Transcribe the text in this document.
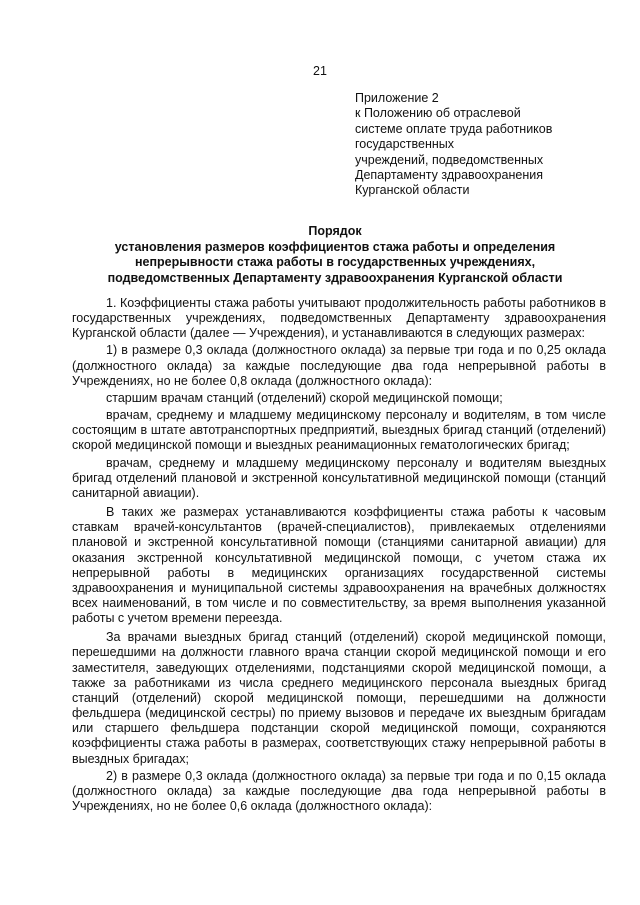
21
Приложение 2
к Положению об отраслевой
системе оплате труда работников
государственных
учреждений, подведомственных
Департаменту здравоохранения
Курганской области
Порядок
установления размеров коэффициентов стажа работы и определения
непрерывности стажа работы в государственных учреждениях,
подведомственных Департаменту здравоохранения Курганской области

1. Коэффициенты стажа работы учитывают продолжительность работы работников в государственных учреждениях, подведомственных Департаменту здравоохранения Курганской области (далее — Учреждения), и устанавливаются в следующих размерах:

1) в размере 0,3 оклада (должностного оклада) за первые три года и по 0,25 оклада (должностного оклада) за каждые последующие два года непрерывной работы в Учреждениях, но не более 0,8 оклада (должностного оклада):

старшим врачам станций (отделений) скорой медицинской помощи;

врачам, среднему и младшему медицинскому персоналу и водителям, в том числе состоящим в штате автотранспортных предприятий, выездных бригад станций (отделений) скорой медицинской помощи и выездных реанимационных гематологических бригад;

врачам, среднему и младшему медицинскому персоналу и водителям выездных бригад отделений плановой и экстренной консультативной медицинской помощи (станций санитарной авиации).

В таких же размерах устанавливаются коэффициенты стажа работы к часовым ставкам врачей-консультантов (врачей-специалистов), привлекаемых отделениями плановой и экстренной консультативной помощи (станциями санитарной авиации) для оказания экстренной консультативной медицинской помощи, с учетом стажа их непрерывной работы в медицинских организациях государственной системы здравоохранения и муниципальной системы здравоохранения на врачебных должностях всех наименований, в том числе и по совместительству, за время выполнения указанной работы с учетом времени переезда.

За врачами выездных бригад станций (отделений) скорой медицинской помощи, перешедшими на должности главного врача станции скорой медицинской помощи и его заместителя, заведующих отделениями, подстанциями скорой медицинской помощи, а также за работниками из числа среднего медицинского персонала выездных бригад станций (отделений) скорой медицинской помощи, перешедшими на должности фельдшера (медицинской сестры) по приему вызовов и передаче их выездным бригадам или старшего фельдшера подстанции скорой медицинской помощи, сохраняются коэффициенты стажа работы в размерах, соответствующих стажу непрерывной работы в выездных бригадах;

2) в размере 0,3 оклада (должностного оклада) за первые три года и по 0,15 оклада (должностного оклада) за каждые последующие два года непрерывной работы в Учреждениях, но не более 0,6 оклада (должностного оклада):
